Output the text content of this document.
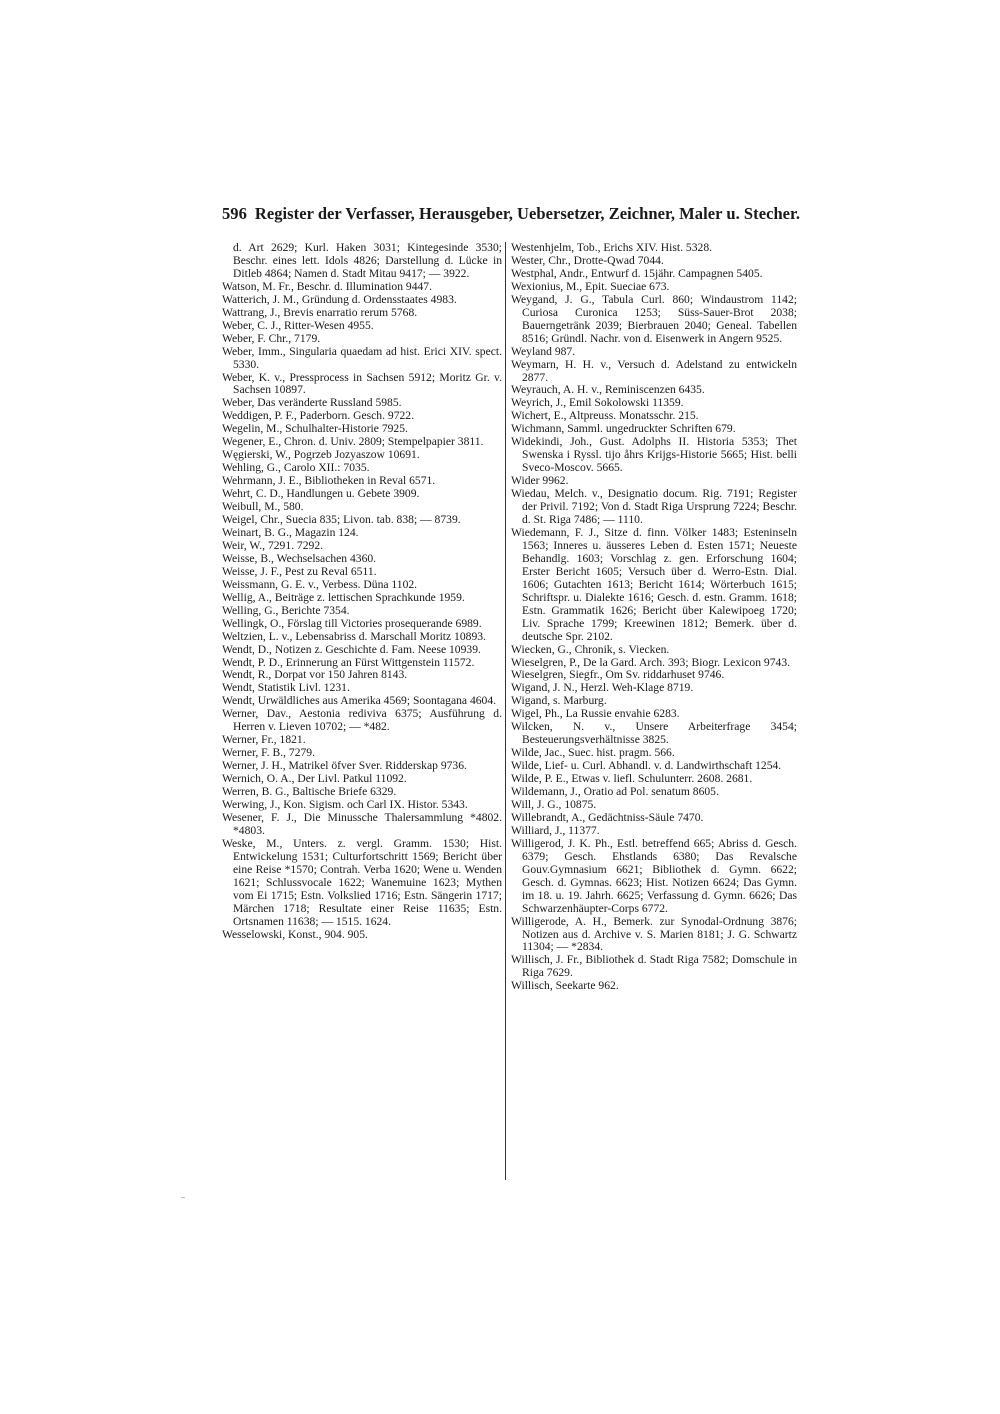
596 Register der Verfasser, Herausgeber, Uebersetzer, Zeichner, Maler u. Stecher.
d. Art 2629; Kurl. Haken 3031; Kintegesinde 3530; Beschr. eines lett. Idols 4826; Darstellung d. Lücke in Ditleb 4864; Namen d. Stadt Mitau 9417; — 3922.
Watson, M. Fr., Beschr. d. Illumination 9447.
Watterich, J. M., Gründung d. Ordensstaates 4983.
Wattrang, J., Brevis enarratio rerum 5768.
Weber, C. J., Ritter-Wesen 4955.
Weber, F. Chr., 7179.
Weber, Imm., Singularia quaedam ad hist. Erici XIV. spect. 5330.
Weber, K. v., Pressprocess in Sachsen 5912; Moritz Gr. v. Sachsen 10897.
Weber, Das veränderte Russland 5985.
Weddigen, P. F., Paderborn. Gesch. 9722.
Wegelin, M., Schulhalter-Historie 7925.
Wegener, E., Chron. d. Univ. 2809; Stempelpapier 3811.
Węgierski, W., Pogrzeb Jozyaszow 10691.
Wehling, G., Carolo XII.: 7035.
Wehrmann, J. E., Bibliotheken in Reval 6571.
Wehrt, C. D., Handlungen u. Gebete 3909.
Weibull, M., 580.
Weigel, Chr., Suecia 835; Livon. tab. 838; — 8739.
Weinart, B. G., Magazin 124.
Weir, W., 7291. 7292.
Weisse, B., Wechselsachen 4360.
Weisse, J. F., Pest zu Reval 6511.
Weissmann, G. E. v., Verbess. Düna 1102.
Wellig, A., Beiträge z. lettischen Sprachkunde 1959.
Welling, G., Berichte 7354.
Wellingk, O., Förslag till Victories prosequerande 6989.
Weltzien, L. v., Lebensabriss d. Marschall Moritz 10893.
Wendt, D., Notizen z. Geschichte d. Fam. Neese 10939.
Wendt, P. D., Erinnerung an Fürst Wittgenstein 11572.
Wendt, R., Dorpat vor 150 Jahren 8143.
Wendt, Statistik Livl. 1231.
Wendt, Urwäldliches aus Amerika 4569; Soontagana 4604.
Werner, Dav., Aestonia rediviva 6375; Ausführung d. Herren v. Lieven 10702; — *482.
Werner, Fr., 1821.
Werner, F. B., 7279.
Werner, J. H., Matrikel öfver Sver. Ridderskap 9736.
Wernich, O. A., Der Livl. Patkul 11092.
Werren, B. G., Baltische Briefe 6329.
Werwing, J., Kon. Sigism. och Carl IX. Histor. 5343.
Wesener, F. J., Die Minussche Thalersammlung *4802. *4803.
Weske, M., Unters. z. vergl. Gramm. 1530; Hist. Entwickelung 1531; Culturfortschritt 1569; Bericht über eine Reise *1570; Contrah. Verba 1620; Wene u. Wenden 1621; Schlussvocale 1622; Wanemuine 1623; Mythen vom Ei 1715; Estn. Volkslied 1716; Estn. Sängerin 1717; Märchen 1718; Resultate einer Reise 11635; Estn. Ortsnamen 11638; — 1515. 1624.
Wesselowski, Konst., 904. 905.
Westenhjelm, Tob., Erichs XIV. Hist. 5328.
Wester, Chr., Drotte-Qwad 7044.
Westphal, Andr., Entwurf d. 15jähr. Campagnen 5405.
Wexionius, M., Epit. Sueciae 673.
Weygand, J. G., Tabula Curl. 860; Windaustrom 1142; Curiosa Curonica 1253; Süss-Sauer-Brot 2038; Bauerngetränk 2039; Bierbrauen 2040; Geneal. Tabellen 8516; Gründl. Nachr. von d. Eisenwerk in Angern 9525.
Weyland 987.
Weymarn, H. H. v., Versuch d. Adelstand zu entwickeln 2877.
Weyrauch, A. H. v., Reminiscenzen 6435.
Weyrich, J., Emil Sokolowski 11359.
Wichert, E., Altpreuss. Monatsschr. 215.
Wichmann, Samml. ungedruckter Schriften 679.
Widekindi, Joh., Gust. Adolphs II. Historia 5353; Thet Swenska i Ryssl. tijo åhrs Krijgs-Historie 5665; Hist. belli Sveco-Moscov. 5665.
Wider 9962.
Wiedau, Melch. v., Designatio docum. Rig. 7191; Register der Privil. 7192; Von d. Stadt Riga Ursprung 7224; Beschr. d. St. Riga 7486; — 1110.
Wiedemann, F. J., Sitze d. finn. Völker 1483; Esteninseln 1563; Inneres u. äusseres Leben d. Esten 1571; Neueste Behandlg. 1603; Vorschlag z. gen. Erforschung 1604; Erster Bericht 1605; Versuch über d. Werro-Estn. Dial. 1606; Gutachten 1613; Bericht 1614; Wörterbuch 1615; Schriftspr. u. Dialekte 1616; Gesch. d. estn. Gramm. 1618; Estn. Grammatik 1626; Bericht über Kalewipoeg 1720; Liv. Sprache 1799; Kreewinen 1812; Bemerk. über d. deutsche Spr. 2102.
Wiecken, G., Chronik, s. Viecken.
Wieselgren, P., De la Gard. Arch. 393; Biogr. Lexicon 9743.
Wieselgren, Siegfr., Om Sv. riddarhuset 9746.
Wigand, J. N., Herzl. Weh-Klage 8719.
Wigand, s. Marburg.
Wigel, Ph., La Russie envahie 6283.
Wilcken, N. v., Unsere Arbeiterfrage 3454; Besteuerungsverhältnisse 3825.
Wilde, Jac., Suec. hist. pragm. 566.
Wilde, Lief- u. Curl. Abhandl. v. d. Landwirthschaft 1254.
Wilde, P. E., Etwas v. liefl. Schulunterr. 2608. 2681.
Wildemann, J., Oratio ad Pol. senatum 8605.
Will, J. G., 10875.
Willebrandt, A., Gedächtniss-Säule 7470.
Williard, J., 11377.
Willigerod, J. K. Ph., Estl. betreffend 665; Abriss d. Gesch. 6379; Gesch. Ehstlands 6380; Das Revalsche Gouv.Gymnasium 6621; Bibliothek d. Gymn. 6622; Gesch. d. Gymnas. 6623; Hist. Notizen 6624; Das Gymn. im 18. u. 19. Jahrh. 6625; Verfassung d. Gymn. 6626; Das Schwarzenhäupter-Corps 6772.
Willigerode, A. H., Bemerk. zur Synodal-Ordnung 3876; Notizen aus d. Archive v. S. Marien 8181; J. G. Schwartz 11304; — *2834.
Willisch, J. Fr., Bibliothek d. Stadt Riga 7582; Domschule in Riga 7629.
Willisch, Seekarte 962.
